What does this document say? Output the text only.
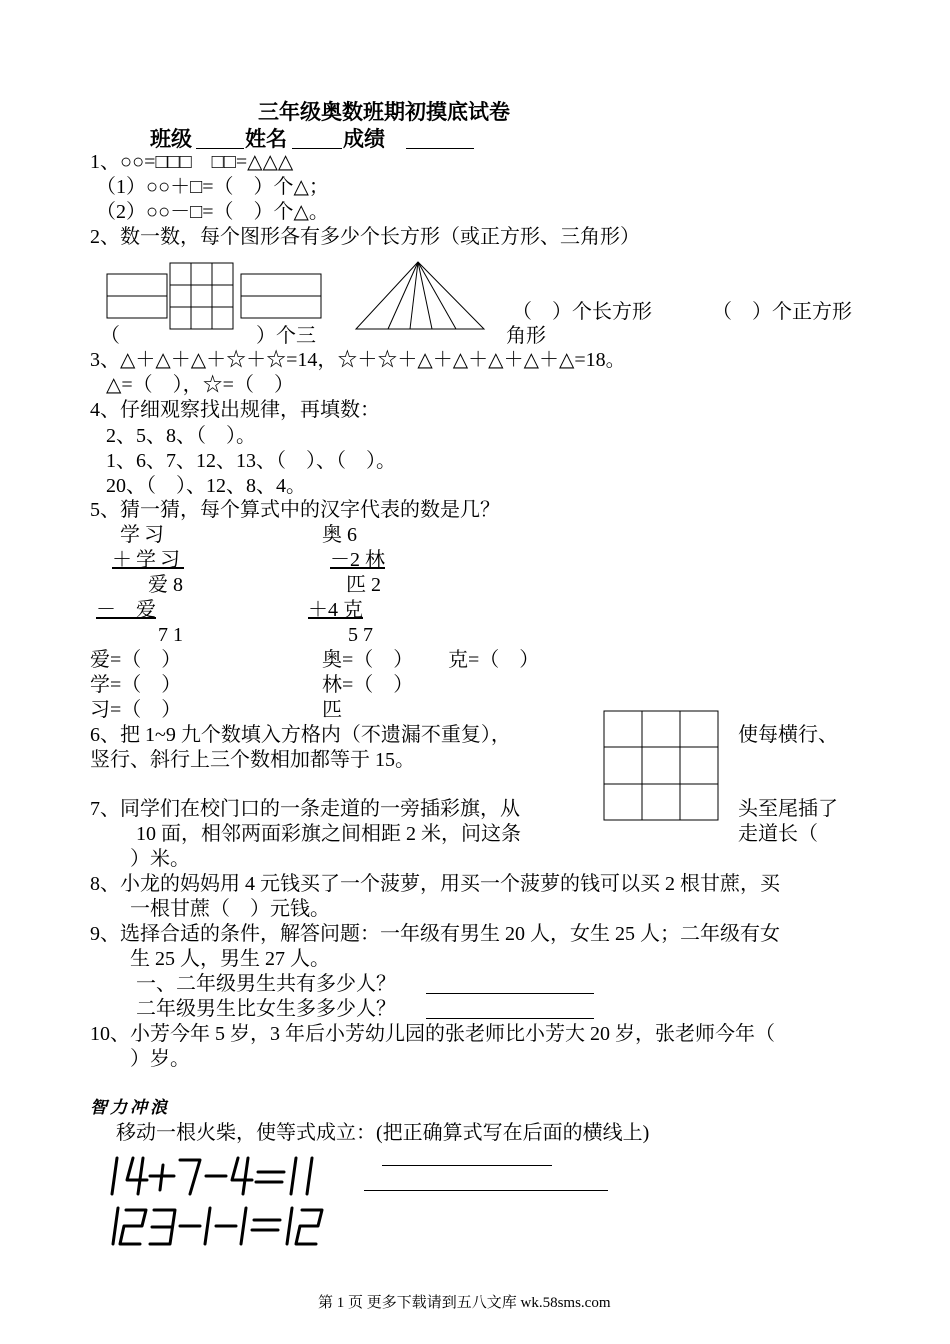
三年级奥数班期初摸底试卷
班级	姓名	成绩
1、○○=□□□　□□=△△△
（1）○○＋□=（　）个△；
（2）○○－□=（　）个△。
2、数一数，每个图形各有多少个长方形（或正方形、三角形）
（　）个长方形	（　）个正方形
（	）个三	角形
3、△＋△＋△＋☆＋☆=14，☆＋☆＋△＋△＋△＋△＋△=18。
△=（　），☆=（　）
4、仔细观察找出规律，再填数：
2、5、8、（　）。
1、6、7、12、13、（　）、（　）。
20、（　）、12、8、4。
5、猜一猜，每个算式中的汉字代表的数是几？
学习
＋学习
爱 8
－　爱
7 1
奥 6
－2 林
匹 2
＋4 克
5 7
爱=（　）
学=（　）
习=（　）
奥=（　） 克=（　）
林=（　）
匹
6、把 1~9 九个数填入方格内（不遗漏不重复），	使每横行、
竖行、斜行上三个数相加都等于 15。
7、同学们在校门口的一条走道的一旁插彩旗，从	头至尾插了
10 面，相邻两面彩旗之间相距 2 米，问这条	走道长（
）米。
8、小龙的妈妈用 4 元钱买了一个菠萝，用买一个菠萝的钱可以买 2 根甘蔗，买
一根甘蔗（　）元钱。
9、选择合适的条件，解答问题：一年级有男生 20 人，女生 25 人；二年级有女
生 25 人，男生 27 人。
一、二年级男生共有多少人？
二年级男生比女生多多少人？
10、小芳今年 5 岁，3 年后小芳幼儿园的张老师比小芳大 20 岁，张老师今年（
）岁。
智力冲浪
移动一根火柴，使等式成立：(把正确算式写在后面的横线上)
第 1 页 更多下载请到五八文库 wk.58sms.com
